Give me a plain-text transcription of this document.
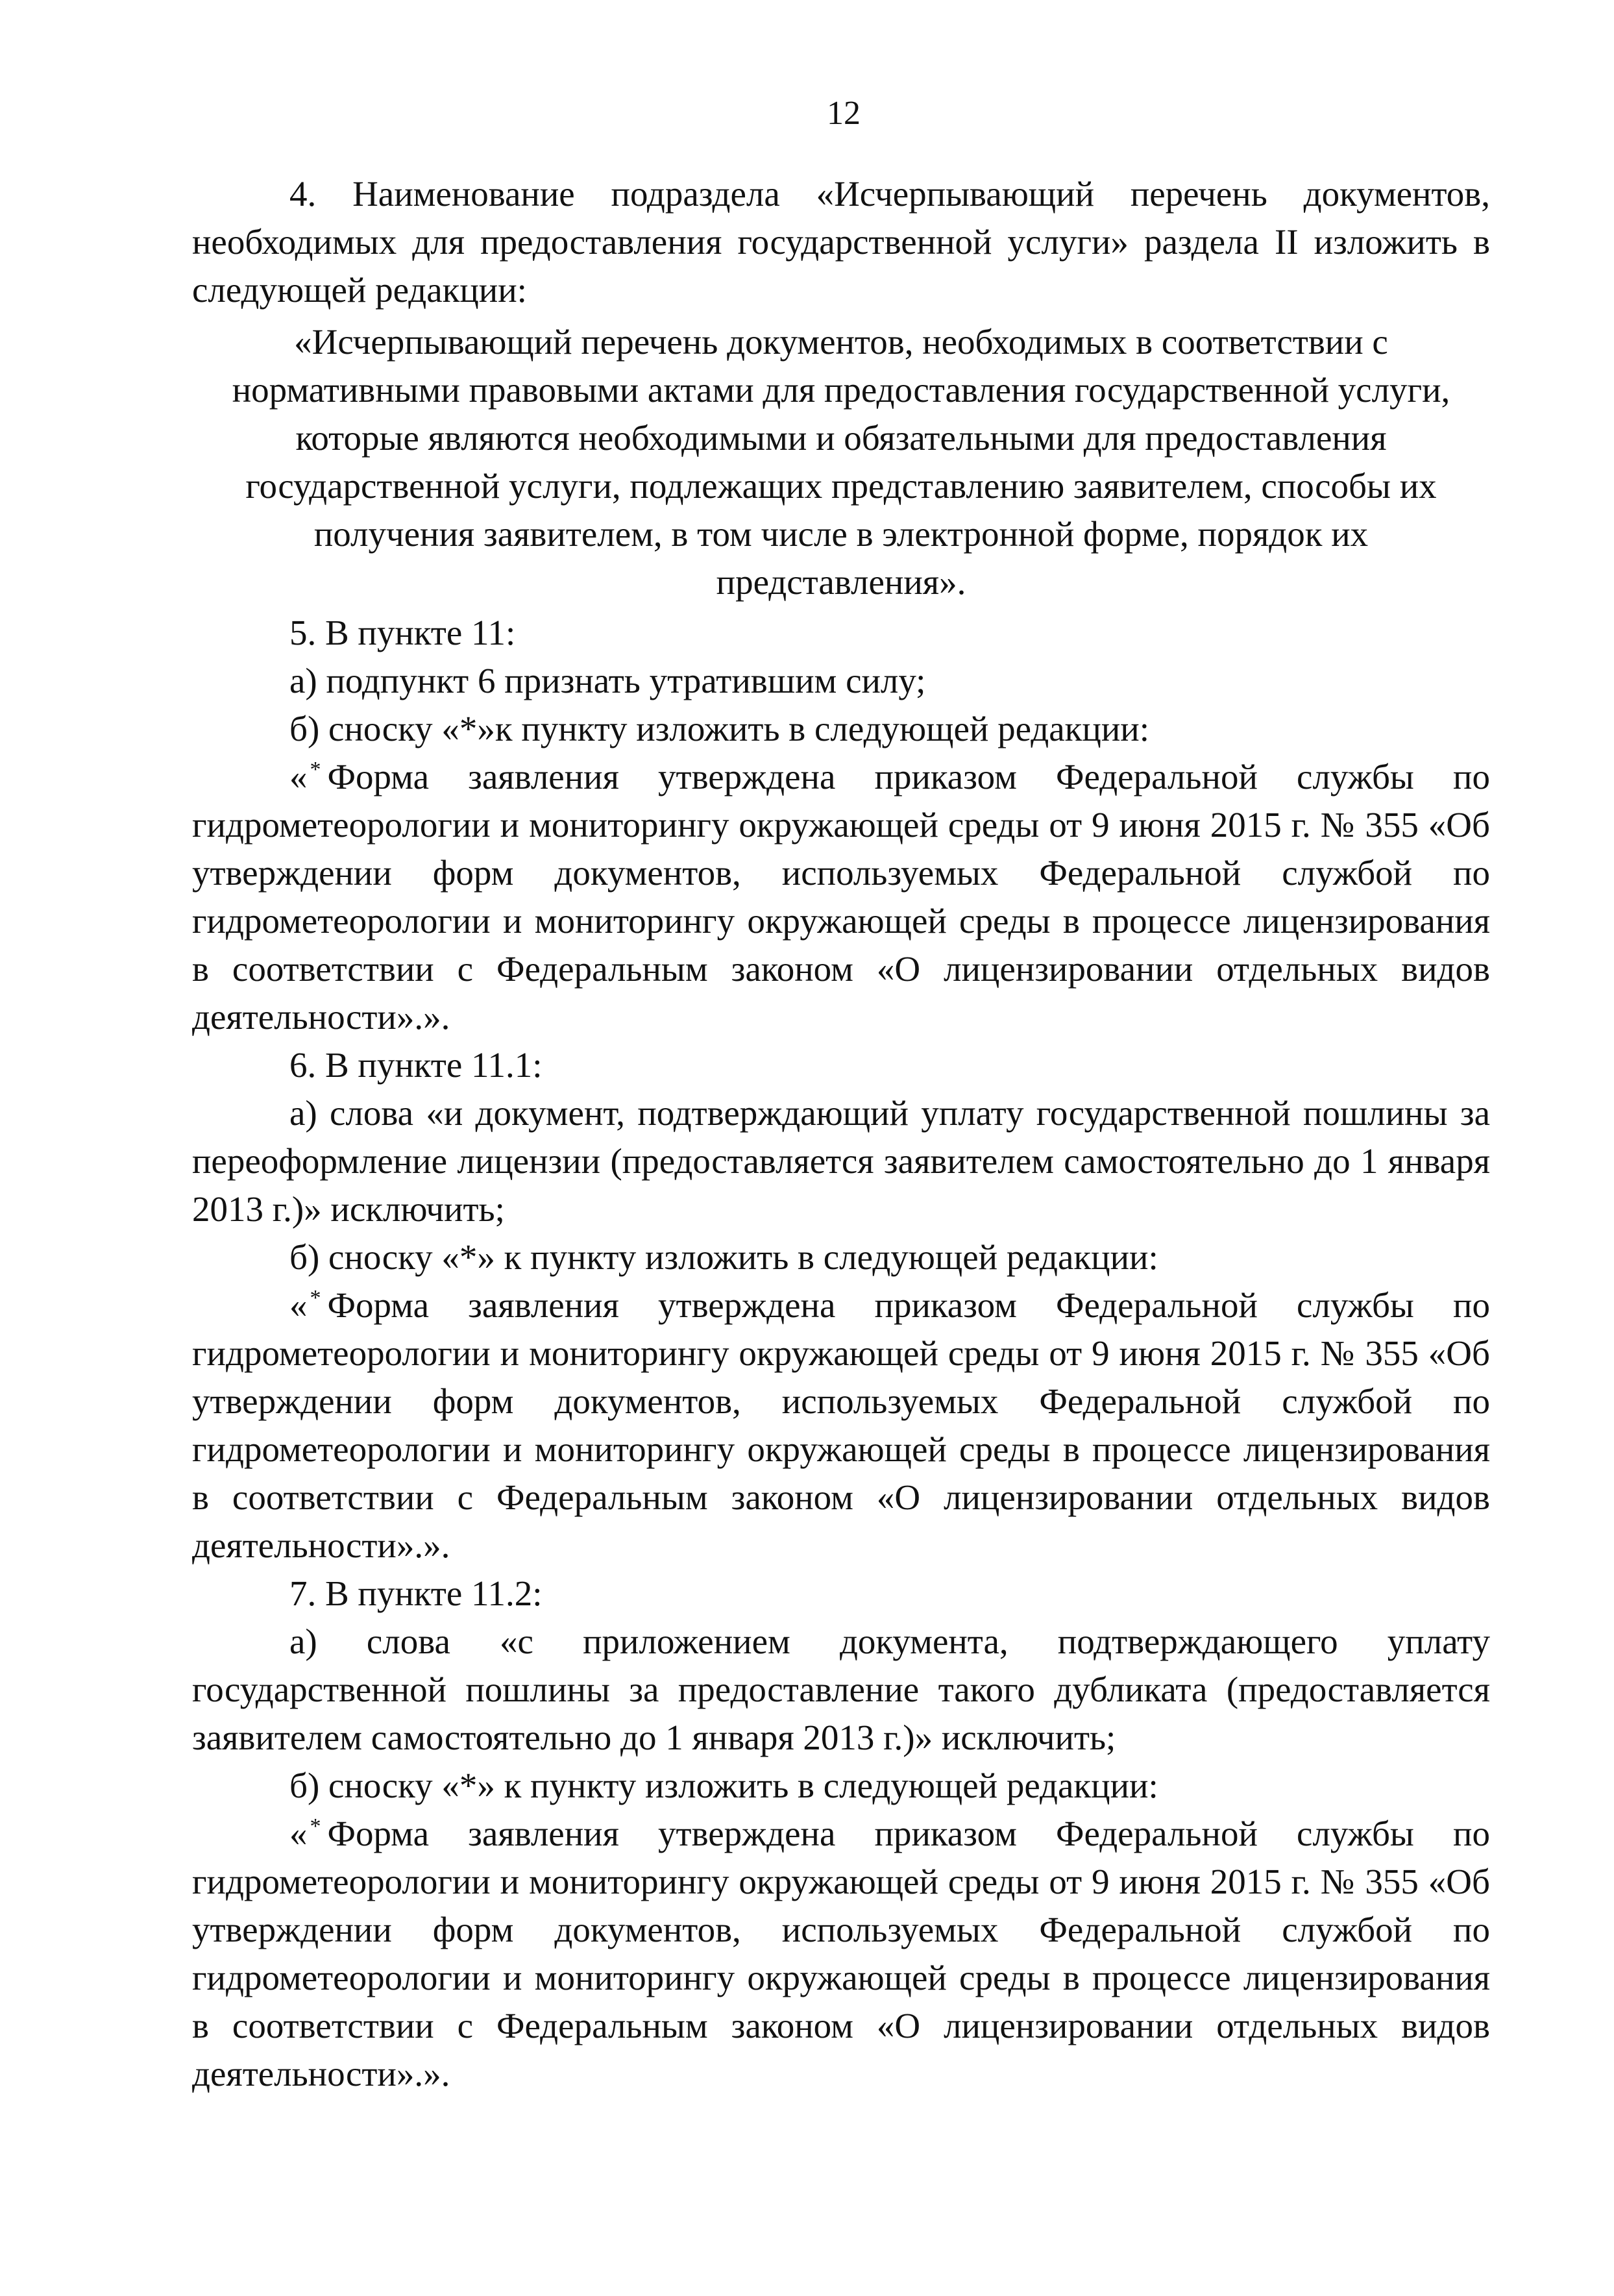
12

4. Наименование подраздела «Исчерпывающий перечень документов, необходимых для предоставления государственной услуги» раздела II изложить в следующей редакции:

«Исчерпывающий перечень документов, необходимых в соответствии с нормативными правовыми актами для предоставления государственной услуги, которые являются необходимыми и обязательными для предоставления государственной услуги, подлежащих представлению заявителем, способы их получения заявителем, в том числе в электронной форме, порядок их представления».

5. В пункте 11:

а) подпункт 6 признать утратившим силу;

б) сноску «*»к пункту изложить в следующей редакции:

« * Форма заявления утверждена приказом Федеральной службы по гидрометеорологии и мониторингу окружающей среды от 9 июня 2015 г. № 355 «Об утверждении форм документов, используемых Федеральной службой по гидрометеорологии и мониторингу окружающей среды в процессе лицензирования в соответствии с Федеральным законом «О лицензировании отдельных видов деятельности».».

6. В пункте 11.1:

а) слова «и документ, подтверждающий уплату государственной пошлины за переоформление лицензии (предоставляется заявителем самостоятельно до 1 января 2013 г.)» исключить;

б) сноску «*» к пункту изложить в следующей редакции:

« * Форма заявления утверждена приказом Федеральной службы по гидрометеорологии и мониторингу окружающей среды от 9 июня 2015 г. № 355 «Об утверждении форм документов, используемых Федеральной службой по гидрометеорологии и мониторингу окружающей среды в процессе лицензирования в соответствии с Федеральным законом «О лицензировании отдельных видов деятельности».».

7. В пункте 11.2:

а) слова «с приложением документа, подтверждающего уплату государственной пошлины за предоставление такого дубликата (предоставляется заявителем самостоятельно до 1 января 2013 г.)» исключить;

б) сноску «*» к пункту изложить в следующей редакции:

« * Форма заявления утверждена приказом Федеральной службы по гидрометеорологии и мониторингу окружающей среды от 9 июня 2015 г. № 355 «Об утверждении форм документов, используемых Федеральной службой по гидрометеорологии и мониторингу окружающей среды в процессе лицензирования в соответствии с Федеральным законом «О лицензировании отдельных видов деятельности».».
